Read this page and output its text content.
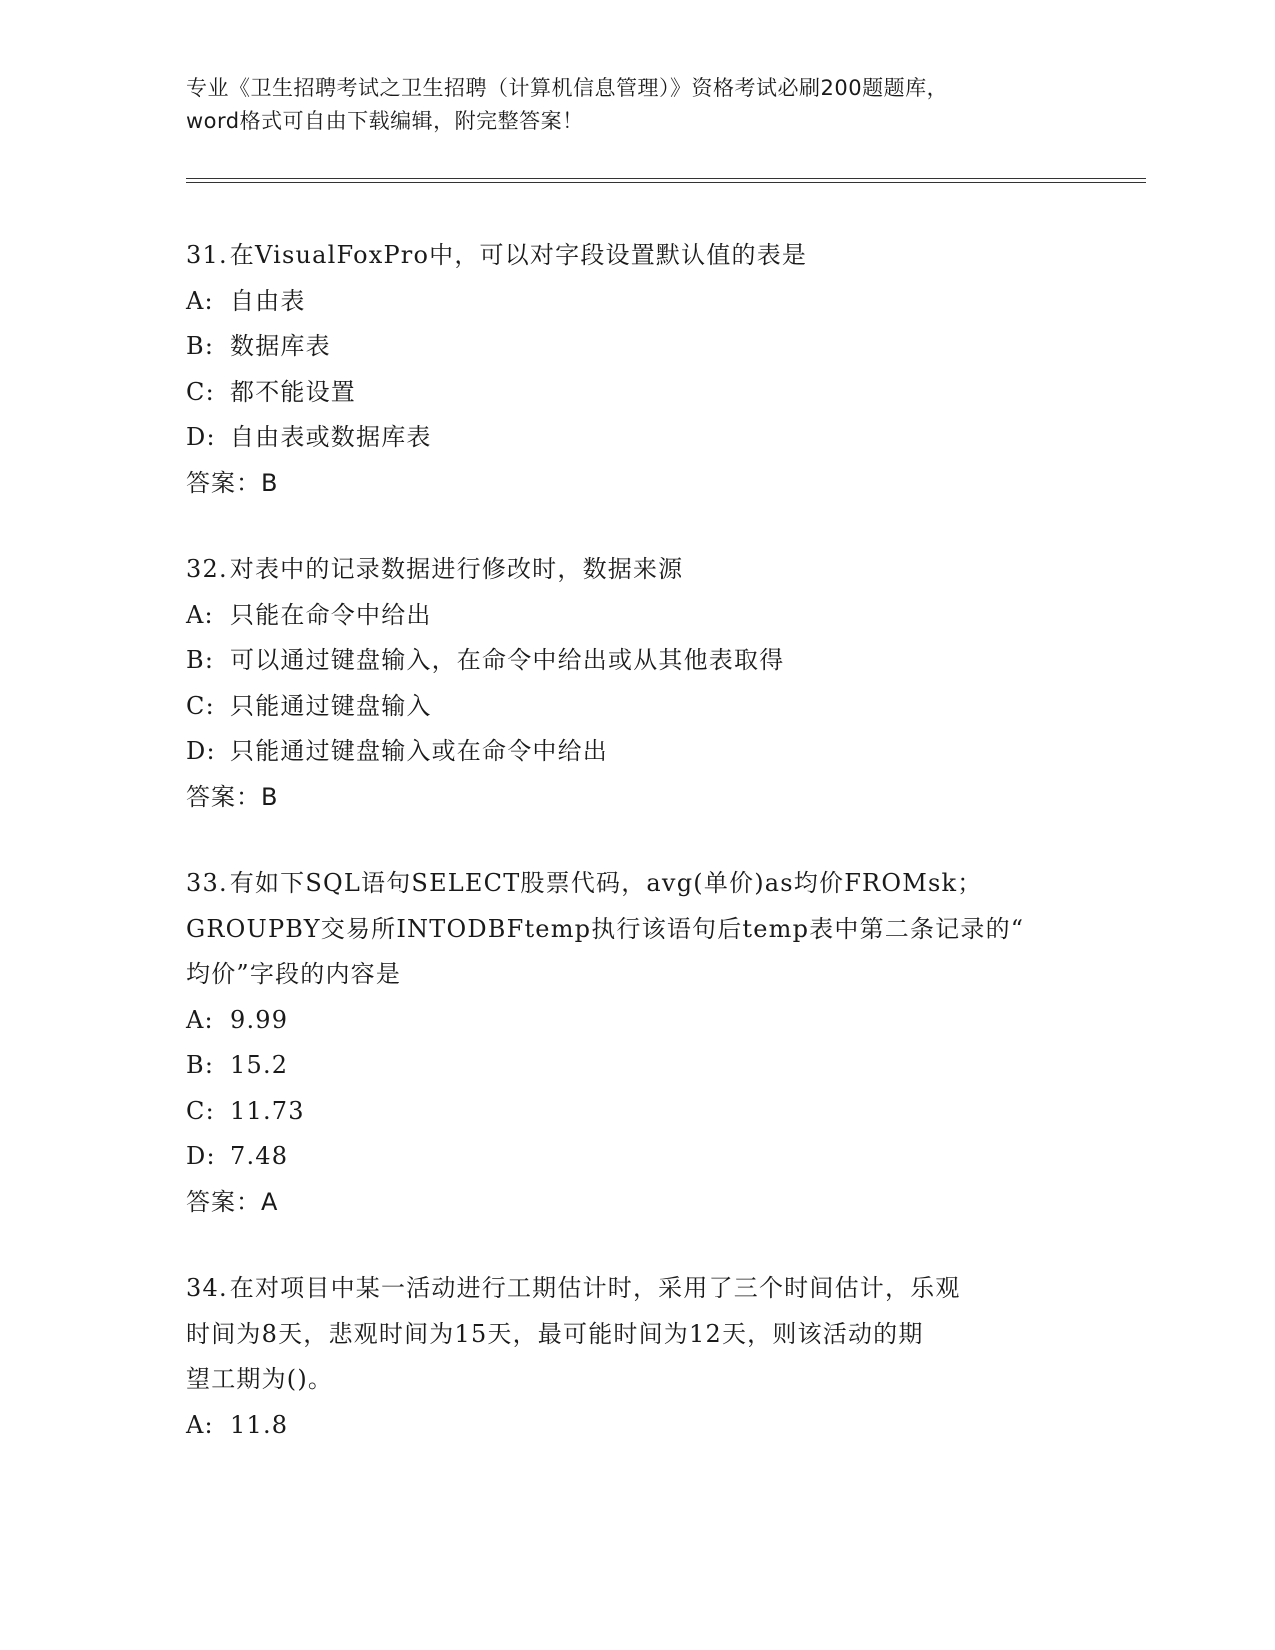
专业《卫生招聘考试之卫生招聘（计算机信息管理）》资格考试必刷200题题库，
word格式可自由下载编辑，附完整答案！
31.在VisualFoxPro中，可以对字段设置默认值的表是
A: 自由表
B: 数据库表
C: 都不能设置
D: 自由表或数据库表
答案：B
32.对表中的记录数据进行修改时，数据来源
A: 只能在命令中给出
B: 可以通过键盘输入，在命令中给出或从其他表取得
C: 只能通过键盘输入
D: 只能通过键盘输入或在命令中给出
答案：B
33.有如下SQL语句SELECT股票代码，avg(单价)as均价FROMsk；
GROUPBY交易所INTODBFtemp执行该语句后temp表中第二条记录的“
均价”字段的内容是
A: 9.99
B: 15.2
C: 11.73
D: 7.48
答案：A
34.在对项目中某一活动进行工期估计时，采用了三个时间估计，乐观
时间为8天，悲观时间为15天，最可能时间为12天，则该活动的期
望工期为()。
A: 11.8
